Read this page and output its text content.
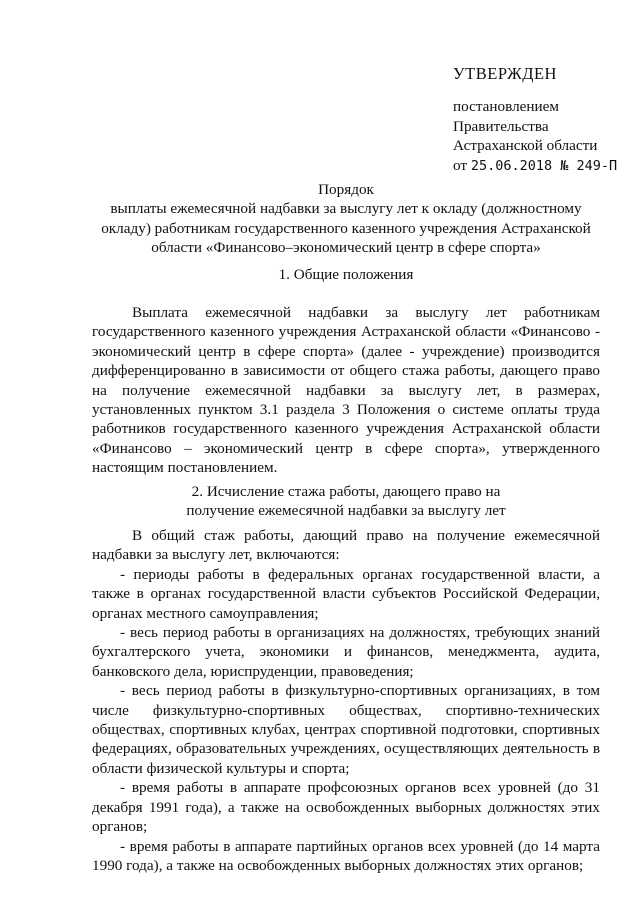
УТВЕРЖДЕН
постановлением
Правительства
Астраханской области
от 25.06.2018 № 249-П
Порядок
выплаты ежемесячной надбавки за выслугу лет к окладу (должностному
окладу) работникам государственного казенного учреждения Астраханской
области «Финансово–экономический центр в сфере спорта»
1. Общие положения

Выплата ежемесячной надбавки за выслугу лет работникам государственного казенного учреждения Астраханской области «Финансово - экономический центр в сфере спорта» (далее - учреждение) производится дифференцированно в зависимости от общего стажа работы, дающего право на получение ежемесячной надбавки за выслугу лет, в размерах, установленных пунктом 3.1 раздела 3 Положения о системе оплаты труда работников государственного казенного учреждения Астраханской области «Финансово – экономический центр в сфере спорта», утвержденного настоящим постановлением.

2. Исчисление стажа работы, дающего право на
получение ежемесячной надбавки за выслугу лет

В общий стаж работы, дающий право на получение ежемесячной надбавки за выслугу лет, включаются:

- периоды работы в федеральных органах государственной власти, а также в органах государственной власти субъектов Российской Федерации, органах местного самоуправления;

- весь период работы в организациях на должностях, требующих знаний бухгалтерского учета, экономики и финансов, менеджмента, аудита, банковского дела, юриспруденции, правоведения;

- весь период работы в физкультурно-спортивных организациях, в том числе физкультурно-спортивных обществах, спортивно-технических обществах, спортивных клубах, центрах спортивной подготовки, спортивных федерациях, образовательных учреждениях, осуществляющих деятельность в области физической культуры и спорта;

- время работы в аппарате профсоюзных органов всех уровней (до 31 декабря 1991 года), а также на освобожденных выборных должностях этих органов;

- время работы в аппарате партийных органов всех уровней (до 14 марта 1990 года), а также на освобожденных выборных должностях этих органов;
